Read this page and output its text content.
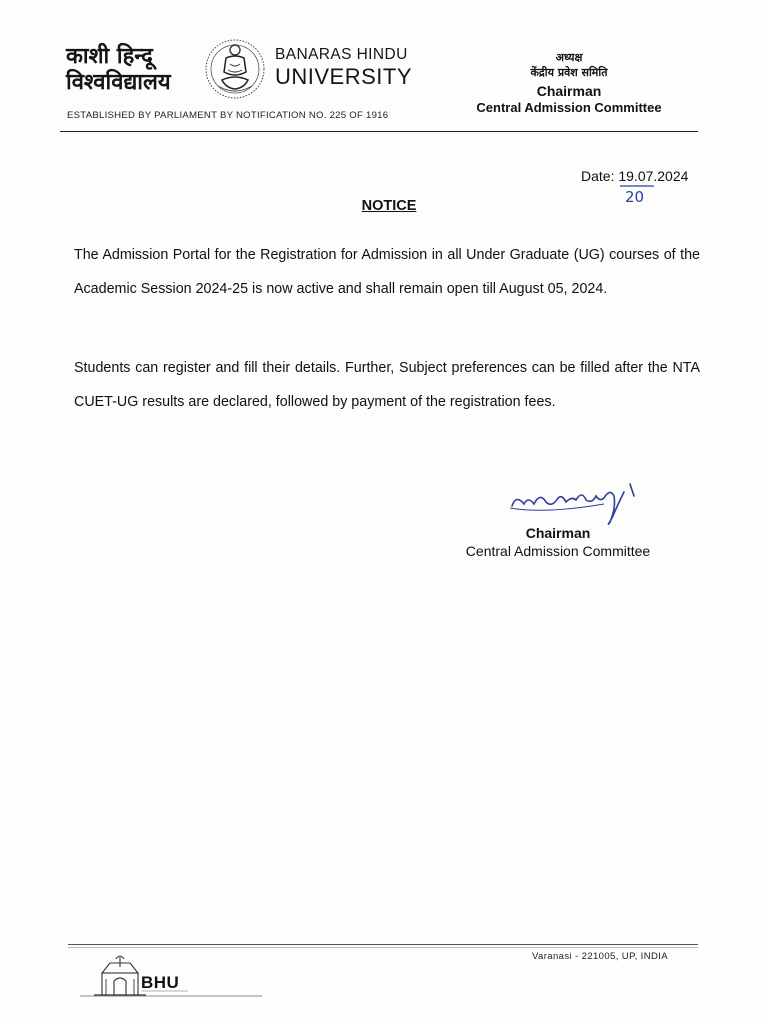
काशी हिन्दू
विश्वविद्यालय
BANARAS HINDU
UNIVERSITY
ESTABLISHED BY PARLIAMENT BY NOTIFICATION NO. 225 OF 1916
अध्यक्ष
केंद्रीय प्रवेश समिति
Chairman
Central Admission Committee
Date: 19.07.2024
20
NOTICE

The Admission Portal for the Registration for Admission in all Under Graduate (UG) courses of the Academic Session 2024-25 is now active and shall remain open till August 05, 2024.

Students can register and fill their details. Further, Subject preferences can be filled after the NTA CUET-UG results are declared, followed by payment of the registration fees.

Chairman
Central Admission Committee
BHU
Varanasi - 221005, UP, INDIA
